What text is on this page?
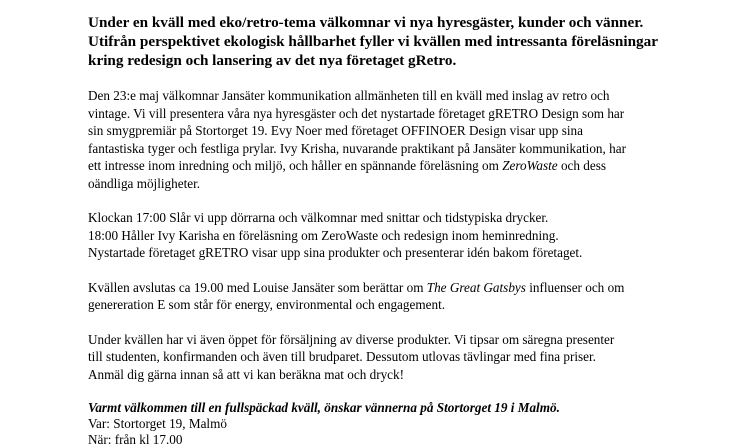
Under en kväll med eko/retro-tema välkomnar vi nya hyresgäster, kunder och vänner.
Utifrån perspektivet ekologisk hållbarhet fyller vi kvällen med intressanta föreläsningar
kring redesign och lansering av det nya företaget gRetro.

Den 23:e maj välkomnar Jansäter kommunikation allmänheten till en kväll med inslag av retro och
vintage. Vi vill presentera våra nya hyresgäster och det nystartade företaget gRETRO Design som har
sin smygpremiär på Stortorget 19. Evy Noer med företaget OFFINOER Design visar upp sina
fantastiska tyger och festliga prylar. Ivy Krisha, nuvarande praktikant på Jansäter kommunikation, har
ett intresse inom inredning och miljö, och håller en spännande föreläsning om ZeroWaste och dess
oändliga möjligheter.

Klockan 17:00 Slår vi upp dörrarna och välkomnar med snittar och tidstypiska drycker.
18:00 Håller Ivy Karisha en föreläsning om ZeroWaste och redesign inom heminredning.
Nystartade företaget gRETRO visar upp sina produkter och presenterar idén bakom företaget.

Kvällen avslutas ca 19.00 med Louise Jansäter som berättar om The Great Gatsbys influenser och om
genereration E som står för energy, environmental och engagement.

Under kvällen har vi även öppet för försäljning av diverse produkter. Vi tipsar om säregna presenter
till studenten, konfirmanden och även till brudparet. Dessutom utlovas tävlingar med fina priser.
Anmäl dig gärna innan så att vi kan beräkna mat och dryck!

Varmt välkommen till en fullspäckad kväll, önskar vännerna på Stortorget 19 i Malmö.
Var: Stortorget 19, Malmö
När: från kl 17.00
